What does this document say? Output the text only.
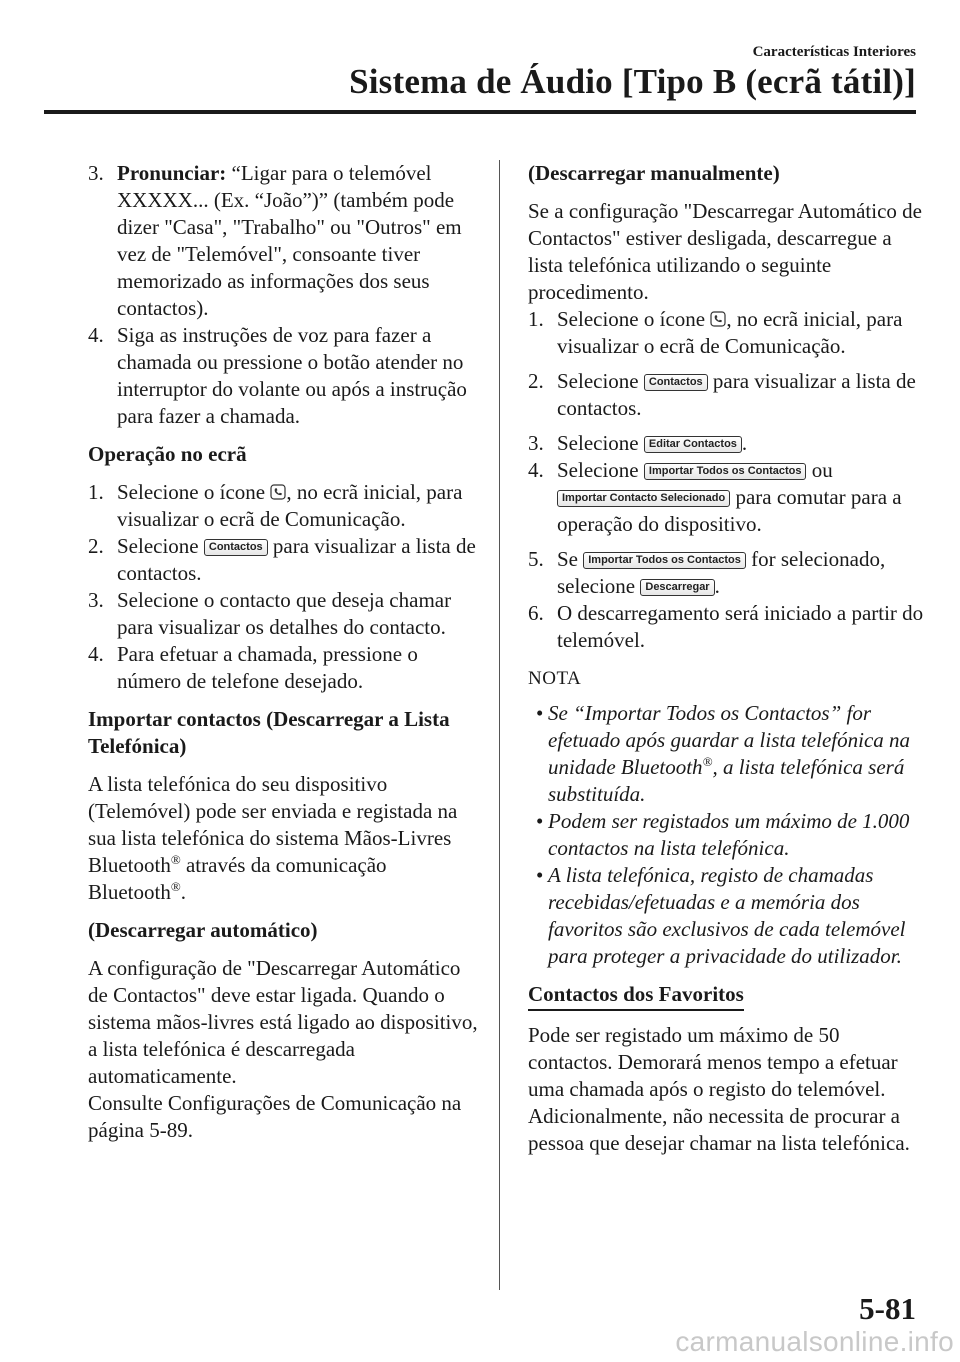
Características Interiores
Sistema de Áudio [Tipo B (ecrã tátil)]
3. Pronunciar: “Ligar para o telemóvel XXXXX... (Ex. “João”)” (também pode dizer "Casa", "Trabalho" ou "Outros" em vez de "Telemóvel", consoante tiver memorizado as informações dos seus contactos).
4. Siga as instruções de voz para fazer a chamada ou pressione o botão atender no interruptor do volante ou após a instrução para fazer a chamada.
Operação no ecrã
1. Selecione o ícone , no ecrã inicial, para visualizar o ecrã de Comunicação.
2. Selecione Contactos para visualizar a lista de contactos.
3. Selecione o contacto que deseja chamar para visualizar os detalhes do contacto.
4. Para efetuar a chamada, pressione o número de telefone desejado.
Importar contactos (Descarregar a Lista Telefónica)

A lista telefónica do seu dispositivo (Telemóvel) pode ser enviada e registada na sua lista telefónica do sistema Mãos-Livres Bluetooth® através da comunicação Bluetooth®.

(Descarregar automático)

A configuração de "Descarregar Automático de Contactos" deve estar ligada. Quando o sistema mãos-livres está ligado ao dispositivo, a lista telefónica é descarregada automaticamente.

Consulte Configurações de Comunicação na página 5-89.

(Descarregar manualmente)

Se a configuração "Descarregar Automático de Contactos" estiver desligada, descarregue a lista telefónica utilizando o seguinte procedimento.

1. Selecione o ícone , no ecrã inicial, para visualizar o ecrã de Comunicação.
2. Selecione Contactos para visualizar a lista de contactos.
3. Selecione Editar Contactos .
4. Selecione Importar Todos os Contactos ou Importar Contacto Selecionado para comutar para a operação do dispositivo.
5. Se Importar Todos os Contactos for selecionado, selecione Descarregar .
6. O descarregamento será iniciado a partir do telemóvel.
NOTA
• Se “Importar Todos os Contactos” for efetuado após guardar a lista telefónica na unidade Bluetooth®, a lista telefónica será substituída.
• Podem ser registados um máximo de 1.000 contactos na lista telefónica.
• A lista telefónica, registo de chamadas recebidas/efetuadas e a memória dos favoritos são exclusivos de cada telemóvel para proteger a privacidade do utilizador.
Contactos dos Favoritos

Pode ser registado um máximo de 50 contactos. Demorará menos tempo a efetuar uma chamada após o registo do telemóvel. Adicionalmente, não necessita de procurar a pessoa que desejar chamar na lista telefónica.

5-81
carmanualsonline.info
